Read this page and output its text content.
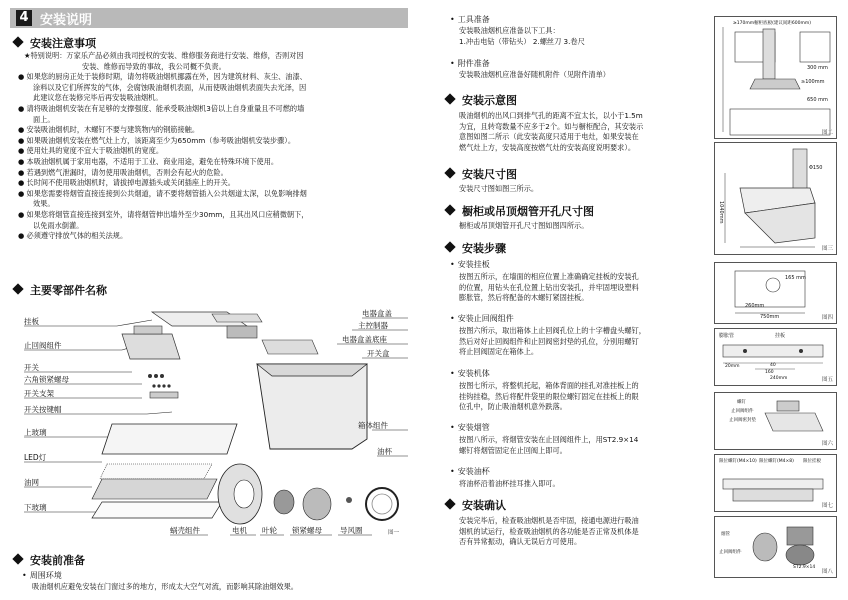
4 安装说明
安装注意事项

★特别说明：万家乐产品必须由我司授权的安装、维修服务商进行安装、维修，否则对因

安装、维修而导致的事故，我公司概不负责。

● 如果您的厨房正处于装修时期，请勿将吸油烟机挪露在外，因为建筑材料、灰尘、油漆、

涂料以及它们所挥发的气体，会腐蚀吸油烟机表面，从而使吸油烟机表面失去光泽，因

此建议您在装修完毕后再安装吸油烟机。

● 请将吸油烟机安装在有足够的支撑强度、能承受吸油烟机3倍以上自身重量且不可燃的墙

面上。

● 安装吸油烟机时，木螺钉不要与建筑物内的钢筋接触。

● 如果吸油烟机安装在燃气灶上方，该距离至少为650mm（参考吸油烟机安装步骤）。

● 使用灶具的宽度不宜大于吸油烟机的宽度。

● 本吸油烟机属于家用电器，不适用于工业、商业用途，避免在特殊环境下使用。

● 若遇到燃气泄漏时，请勿使用吸油烟机，否则会有起火的危险。

● 长时间不使用吸油烟机时，请拔掉电源插头或关闭插座上的开关。

● 如果您需要将烟管直接连接到公共烟道，请不要将烟管插入公共烟道太深，以免影响排烟

效果。

● 如果您将烟管直接连接到室外，请将烟管伸出墙外至少30mm，且其出风口应稍微朝下，

以免雨水倒灌。

● 必须遵守排放气体的相关法规。

主要零部件名称
挂板
止回阀组件
开关
六角锁紧螺母
开关支架
开关按键帽
上玻璃
LED灯
油网
下玻璃
电器盒盖
主控制器
电器盒盖底座
开关盒
箱体组件
油杯
蜗壳组件	电机 叶轮 锁紧螺母 导风圈	图一
安装前准备
• 周围环境
吸油烟机应避免安装在门窗过多的地方，形成太大空气对流，而影响其除油烟效果。
• 工具准备

安装吸油烟机应准备以下工具：

1.冲击电钻（带钻头） 2.螺丝刀 3.卷尺

• 附件准备

安装吸油烟机应准备好随机附件（见附件清单）

安装示意图

吸油烟机的出风口到排气孔的距离不宜太长，以小于1.5m

为宜，且转弯数量不应多于2个。如与橱柜配合，其安装示

意图如图二所示（此安装高度只适用于电灶，如果安装在

燃气灶上方，安装高度按燃气灶的安装高度说明要求）。

安装尺寸图

安装尺寸图如图三所示。

橱柜或吊顶烟管开孔尺寸图

橱柜或吊顶烟管开孔尺寸图如图四所示。

安装步骤
• 安装挂板

按图五所示，在墙面的相应位置上准确确定挂板的安装孔

的位置，用钻头在孔位置上钻出安装孔，并牢固埋设塑料

膨胀管，然后将配备的木螺钉紧固挂板。

• 安装止回阀组件

按图六所示，取出箱体上止回阀孔位上的十字槽盘头螺钉，

然后对好止回阀组件和止回阀密封垫的孔位，分别用螺钉

将止回阀固定在箱体上。

• 安装机体

按图七所示，将整机托起，箱体背面的挂孔对准挂板上的

挂钩挂稳，然后将配件袋里的限位螺钉固定在挂板上的限

位孔中，防止吸油烟机意外跌落。

• 安装烟管

按图八所示，将烟管安装在止回阀组件上，用ST2.9×14

螺钉将烟管固定在止回阀上即可。

• 安装油杯

将油杯沿着油杯挂耳推入即可。

安装确认

安装完毕后，检查吸油烟机是否牢固，接通电源进行吸油

烟机的试运行，检查吸油烟机的各功能是否正常及机体是

否有异常振动，确认无误后方可使用。

≥170mm橱柜底板(建议间距600mm)
300 mm
≥100mm
650 mm
图二
Φ150
1040mm
图三
165 mm
260mm
750mm	图四
膨胀管	挂板
20mm	40
160
240mm	图五
螺钉
止回阀组件
止回阀密封垫
图六
限位螺钉(M4×10) 限位螺钉(M4×8) 限位挂板
图七
烟管
止回阀组件
ST2.9×14
图八
